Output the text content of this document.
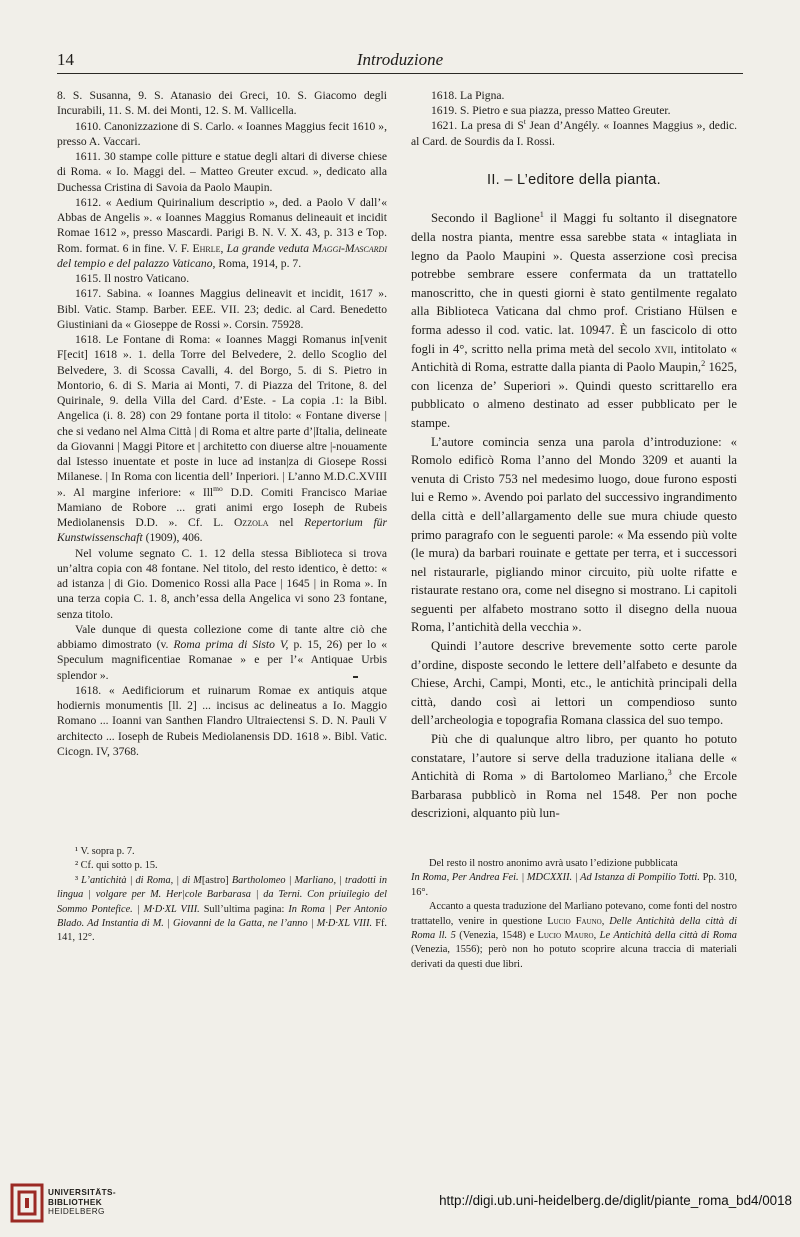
14	Introduzione

8. S. Susanna, 9. S. Atanasio dei Greci, 10. S. Giacomo degli Incurabili, 11. S. M. dei Monti, 12. S. M. Vallicella.

1610. Canonizzazione di S. Carlo. « Ioannes Maggius fecit 1610 », presso A. Vaccari.

1611. 30 stampe colle pitture e statue degli altari di diverse chiese di Roma. « Io. Maggi del. – Matteo Greuter excud. », dedicato alla Duchessa Cristina di Savoia da Paolo Maupin.

1612. « Aedium Quirinalium descriptio », ded. a Paolo V dall’« Abbas de Angelis ». « Ioannes Maggius Romanus delineauit et incidit Romae 1612 », presso Mascardi. Parigi B. N. V. X. 43, p. 313 e Top. Rom. format. 6 in fine. V. F. Ehrle, La grande veduta Maggi-Mascardi del tempio e del palazzo Vaticano, Roma, 1914, p. 7.

1615. Il nostro Vaticano.

1617. Sabina. « Ioannes Maggius delineavit et incidit, 1617 ». Bibl. Vatic. Stamp. Barber. EEE. VII. 23; dedic. al Card. Benedetto Giustiniani da « Gioseppe de Rossi ». Corsin. 75928.

1618. Le Fontane di Roma: « Ioannes Maggi Romanus in[venit F[ecit] 1618 ». 1. della Torre del Belvedere, 2. dello Scoglio del Belvedere, 3. di Scossa Cavalli, 4. del Borgo, 5. di S. Pietro in Montorio, 6. di S. Maria ai Monti, 7. di Piazza del Tritone, 8. del Quirinale, 9. della Villa del Card. d’Este. - La copia .1: la Bibl. Angelica (i. 8. 28) con 29 fontane porta il titolo: « Fontane diverse | che si vedano nel Alma Città | di Roma et altre parte d’|Italia, delineate da Giovanni | Maggi Pitore et | architetto con diuerse altre |-nouamente dal Istesso inuentate et poste in luce ad instan|za di Giosepe Rossi Milanese. | In Roma con licentia dell’ Inperiori. | L’anno M.D.C.XVIII ». Al margine inferiore: « Ill$^{mo}$ D.D. Comiti Francisco Mariae Mamiano de Robore ... grati animi ergo Ioseph de Rubeis Mediolanensis D.D. ». Cf. L. Ozzola nel Repertorium für Kunstwissenschaft (1909), 406.

Nel volume segnato C. 1. 12 della stessa Biblioteca si trova un’altra copia con 48 fontane. Nel titolo, del resto identico, è detto: « ad istanza | di Gio. Domenico Rossi alla Pace | 1645 | in Roma ». In una terza copia C. 1. 8, anch’essa della Angelica vi sono 23 fontane, senza titolo.

Vale dunque di questa collezione come di tante altre ciò che abbiamo dimostrato (v. Roma prima di Sisto V, p. 15, 26) per lo « Speculum magnificentiae Romanae » e per l’« Antiquae Urbis splendor ».

1618. « Aedificiorum et ruinarum Romae ex antiquis atque hodiernis monumentis [ll. 2] ... incisus ac delineatus a Io. Maggio Romano ... Ioanni van Santhen Flandro Ultraiectensi S. D. N. Pauli V architecto ... Ioseph de Rubeis Mediolanensis DD. 1618 ». Bibl. Vatic. Cicogn. IV, 3768.

1618. La Pigna.

1619. S. Pietro e sua piazza, presso Matteo Greuter.

1621. La presa di $S^t$ Jean d’Angély. « Ioannes Maggius », dedic. al Card. de Sourdis da I. Rossi.

II. – L’editore della pianta.

Secondo il Baglione$^1$ il Maggi fu soltanto il disegnatore della nostra pianta, mentre essa sarebbe stata « intagliata in legno da Paolo Maupini ». Questa asserzione così precisa potrebbe sembrare essere confermata da un trattatello manoscritto, che in questi giorni è stato gentilmente regalato alla Biblioteca Vaticana dal chmo prof. Cristiano Hülsen e forma adesso il cod. vatic. lat. 10947. È un fascicolo di otto fogli in 4°, scritto nella prima metà del secolo xvii, intitolato « Antichità di Roma, estratte dalla pianta di Paolo Maupin,$^2$ 1625, con licenza de’ Superiori ». Quindi questo scrittarello era pubblicato o almeno destinato ad esser pubblicato per le stampe.

L’autore comincia senza una parola d’introduzione: « Romolo edificò Roma l’anno del Mondo 3209 et auanti la venuta di Cristo 753 nel medesimo luogo, doue furono esposti lui e Remo ». Avendo poi parlato del successivo ingrandimento della città e dell’allargamento delle sue mura chiude questo primo paragrafo con le seguenti parole: « Ma essendo più volte (le mura) da barbari rouinate e gettate per terra, et i successori nel ristaurarle, pigliando minor circuito, più uolte rifatte e ristaurate restano ora, come nel disegno si mostrano. Li capitoli seguenti per alfabeto mostrano sotto il disegno della nuoua Roma, l’antichità della vecchia ».

Quindi l’autore descrive brevemente sotto certe parole d’ordine, disposte secondo le lettere dell’alfabeto e desunte da Chiese, Archi, Campi, Monti, etc., le antichità principali della città, dando così ai lettori un compendioso sunto dell’archeologia e topografia Romana classica del suo tempo.

Più che di qualunque altro libro, per quanto ho potuto constatare, l’autore si serve della traduzione italiana delle « Antichità di Roma » di Bartolomeo Marliano,$^3$ che Ercole Barbarasa pubblicò in Roma nel 1548. Per non poche descrizioni, alquanto più lun-

¹ V. sopra p. 7.

² Cf. qui sotto p. 15.

³ L’antichità | di Roma, | di M[astro] Bartholomeo | Marliano, | tradotti in lingua | volgare per M. Her|cole Barbarasa | da Terni. Con priuilegio del Sommo Pontefice. | M·D·XL VIII. Sull’ultima pagina: In Roma | Per Antonio Blado. Ad Instantia di M. | Giovanni de la Gatta, ne l’anno | M·D·XL VIII. Ff. 141, 12°.

Del resto il nostro anonimo avrà usato l’edizione pubblicata

In Roma, Per Andrea Fei. | MDCXXII. | Ad Istanza di Pompilio Totti. Pp. 310, 16°.

Accanto a questa traduzione del Marliano potevano, come fonti del nostro trattatello, venire in questione Lucio Fauno, Delle Antichità della città di Roma ll. 5 (Venezia, 1548) e Lucio Mauro, Le Antichità della città di Roma (Venezia, 1556); però non ho potuto scoprire alcuna traccia di materiali derivati da questi due libri.

UNIVERSITÄTS-
BIBLIOTHEK
HEIDELBERG
http://digi.ub.uni-heidelberg.de/diglit/piante_roma_bd4/0018
